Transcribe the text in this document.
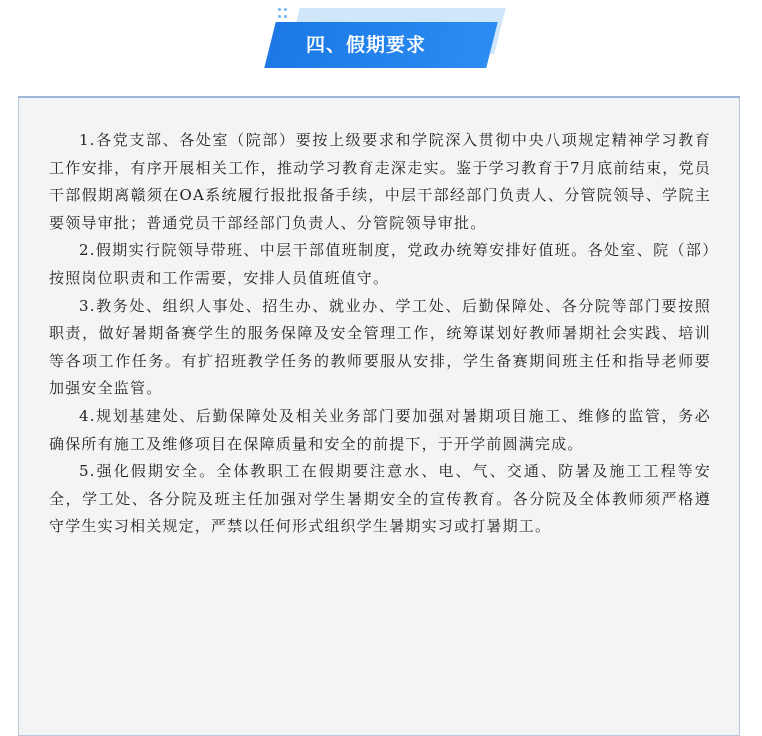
四、假期要求

1.各党支部、各处室（院部）要按上级要求和学院深入贯彻中央八项规定精神学习教育工作安排，有序开展相关工作，推动学习教育走深走实。鉴于学习教育于7月底前结束，党员干部假期离赣须在OA系统履行报批报备手续，中层干部经部门负责人、分管院领导、学院主要领导审批；普通党员干部经部门负责人、分管院领导审批。

2.假期实行院领导带班、中层干部值班制度，党政办统筹安排好值班。各处室、院（部）按照岗位职责和工作需要，安排人员值班值守。

3.教务处、组织人事处、招生办、就业办、学工处、后勤保障处、各分院等部门要按照职责，做好暑期备赛学生的服务保障及安全管理工作，统筹谋划好教师暑期社会实践、培训等各项工作任务。有扩招班教学任务的教师要服从安排，学生备赛期间班主任和指导老师要加强安全监管。

4.规划基建处、后勤保障处及相关业务部门要加强对暑期项目施工、维修的监管，务必确保所有施工及维修项目在保障质量和安全的前提下，于开学前圆满完成。

5.强化假期安全。全体教职工在假期要注意水、电、气、交通、防暑及施工工程等安全，学工处、各分院及班主任加强对学生暑期安全的宣传教育。各分院及全体教师须严格遵守学生实习相关规定，严禁以任何形式组织学生暑期实习或打暑期工。
